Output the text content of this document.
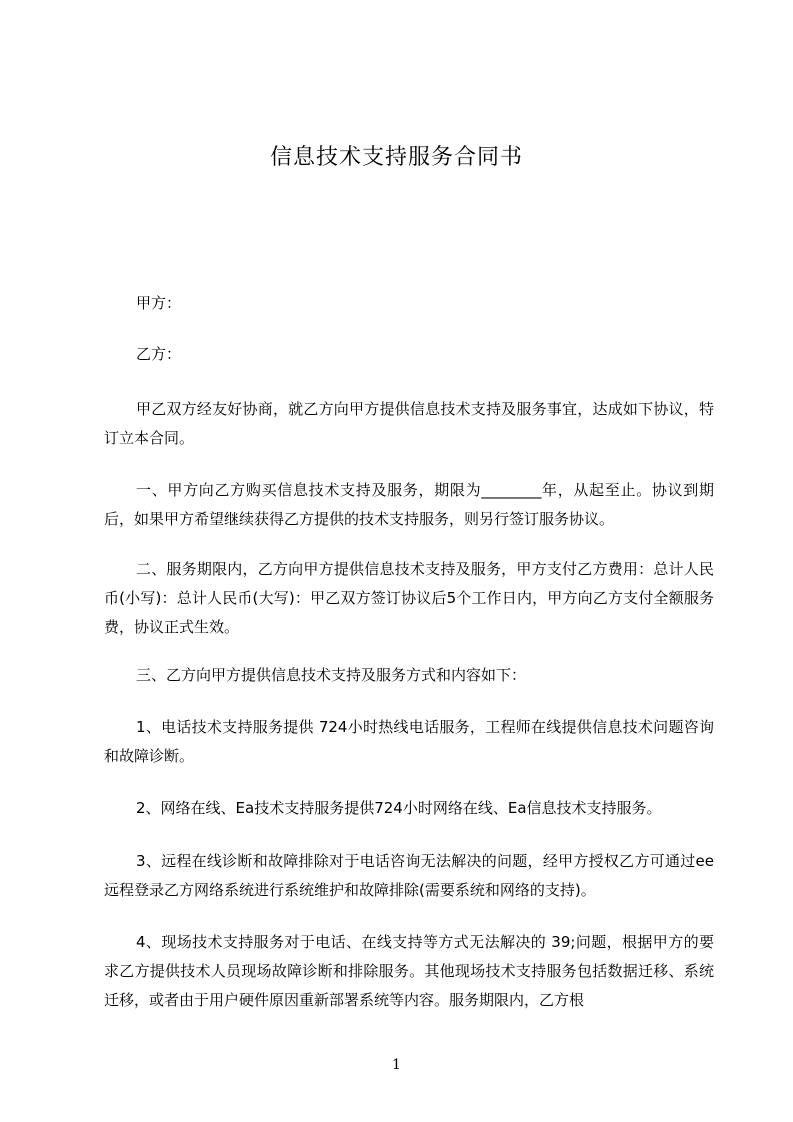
信息技术支持服务合同书
甲方：
乙方：
甲乙双方经友好协商，就乙方向甲方提供信息技术支持及服务事宜，达成如下协议，特订立本合同。
一、甲方向乙方购买信息技术支持及服务，期限为________年，从起至止。协议到期后，如果甲方希望继续获得乙方提供的技术支持服务，则另行签订服务协议。
二、服务期限内，乙方向甲方提供信息技术支持及服务，甲方支付乙方费用：总计人民币(小写)：总计人民币(大写)：甲乙双方签订协议后5个工作日内，甲方向乙方支付全额服务费，协议正式生效。
三、乙方向甲方提供信息技术支持及服务方式和内容如下：
1、电话技术支持服务提供 724小时热线电话服务，工程师在线提供信息技术问题咨询和故障诊断。
2、网络在线、Ea技术支持服务提供724小时网络在线、Ea信息技术支持服务。
3、远程在线诊断和故障排除对于电话咨询无法解决的问题，经甲方授权乙方可通过ee远程登录乙方网络系统进行系统维护和故障排除(需要系统和网络的支持)。
4、现场技术支持服务对于电话、在线支持等方式无法解决的 39;问题，根据甲方的要求乙方提供技术人员现场故障诊断和排除服务。其他现场技术支持服务包括数据迁移、系统迁移，或者由于用户硬件原因重新部署系统等内容。服务期限内，乙方根
1
